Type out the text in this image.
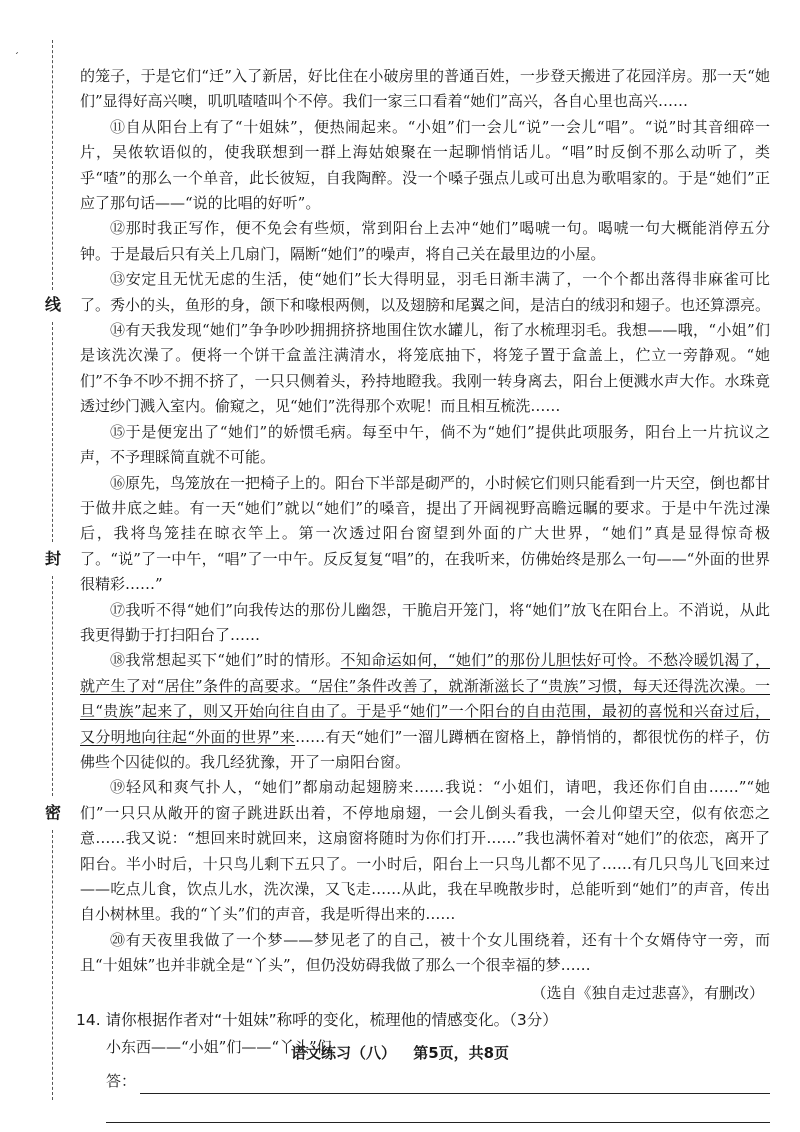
ˊ
线
封
密

的笼子，于是它们“迁”入了新居，好比住在小破房里的普通百姓，一步登天搬进了花园洋房。那一天“她们”显得好高兴噢，叽叽喳喳叫个不停。我们一家三口看着“她们”高兴，各自心里也高兴……

⑪自从阳台上有了“十姐妹”，便热闹起来。“小姐”们一会儿“说”一会儿“唱”。“说”时其音细碎一片，吴侬软语似的，使我联想到一群上海姑娘聚在一起聊悄悄话儿。“唱”时反倒不那么动听了，类乎“喳”的那么一个单音，此长彼短，自我陶醉。没一个嗓子强点儿或可出息为歌唱家的。于是“她们”正应了那句话——“说的比唱的好听”。

⑫那时我正写作，便不免会有些烦，常到阳台上去冲“她们”喝唬一句。喝唬一句大概能消停五分钟。于是最后只有关上几扇门，隔断“她们”的噪声，将自己关在最里边的小屋。

⑬安定且无忧无虑的生活，使“她们”长大得明显，羽毛日渐丰满了，一个个都出落得非麻雀可比了。秀小的头，鱼形的身，颌下和喙根两侧，以及翅膀和尾翼之间，是洁白的绒羽和翅子。也还算漂亮。

⑭有天我发现“她们”争争吵吵拥拥挤挤地围住饮水罐儿，衔了水梳理羽毛。我想——哦，“小姐”们是该洗次澡了。便将一个饼干盒盖注满清水，将笼底抽下，将笼子置于盒盖上，伫立一旁静观。“她们”不争不吵不拥不挤了，一只只侧着头，矜持地瞪我。我刚一转身离去，阳台上便溅水声大作。水珠竟透过纱门溅入室内。偷窥之，见“她们”洗得那个欢呢！而且相互梳洗……

⑮于是便宠出了“她们”的娇惯毛病。每至中午，倘不为“她们”提供此项服务，阳台上一片抗议之声，不予理睬简直就不可能。

⑯原先，鸟笼放在一把椅子上的。阳台下半部是砌严的，小时候它们则只能看到一片天空，倒也都甘于做井底之蛙。有一天“她们”就以“她们”的嗓音，提出了开阔视野高瞻远瞩的要求。于是中午洗过澡后，我将鸟笼挂在晾衣竿上。第一次透过阳台窗望到外面的广大世界，“她们”真是显得惊奇极了。“说”了一中午，“唱”了一中午。反反复复“唱”的，在我听来，仿佛始终是那么一句——“外面的世界很精彩……”

⑰我听不得“她们”向我传达的那份儿幽怨，干脆启开笼门，将“她们”放飞在阳台上。不消说，从此我更得勤于打扫阳台了……

⑱我常想起买下“她们”时的情形。不知命运如何，“她们”的那份儿胆怯好可怜。不愁冷暖饥渴了，就产生了对“居住”条件的高要求。“居住”条件改善了，就渐渐滋长了“贵族”习惯，每天还得洗次澡。一旦“贵族”起来了，则又开始向往自由了。于是乎“她们”一个阳台的自由范围，最初的喜悦和兴奋过后，又分明地向往起“外面的世界”来……有天“她们”一溜儿蹲栖在窗格上，静悄悄的，都很忧伤的样子，仿佛些个囚徒似的。我几经犹豫，开了一扇阳台窗。

⑲轻风和爽气扑人，“她们”都扇动起翅膀来……我说：“小姐们，请吧，我还你们自由……”“她们”一只只从敞开的窗子跳进跃出着，不停地扇翅，一会儿倒头看我，一会儿仰望天空，似有依恋之意……我又说：“想回来时就回来，这扇窗将随时为你们打开……”我也满怀着对“她们”的依恋，离开了阳台。半小时后，十只鸟儿剩下五只了。一小时后，阳台上一只鸟儿都不见了……有几只鸟儿飞回来过——吃点儿食，饮点儿水，洗次澡，又飞走……从此，我在早晚散步时，总能听到“她们”的声音，传出自小树林里。我的“丫头”们的声音，我是听得出来的……

⑳有天夜里我做了一个梦——梦见老了的自己，被十个女儿围绕着，还有十个女婿侍守一旁，而且“十姐妹”也并非就全是“丫头”，但仍没妨碍我做了那么一个很幸福的梦……

（选自《独自走过悲喜》，有删改）

14. 请你根据作者对“十姐妹”称呼的变化，梳理他的情感变化。（3分）

小东西——“小姐”们——“丫头”们

答：
语文练习（八） 第5页，共8页
